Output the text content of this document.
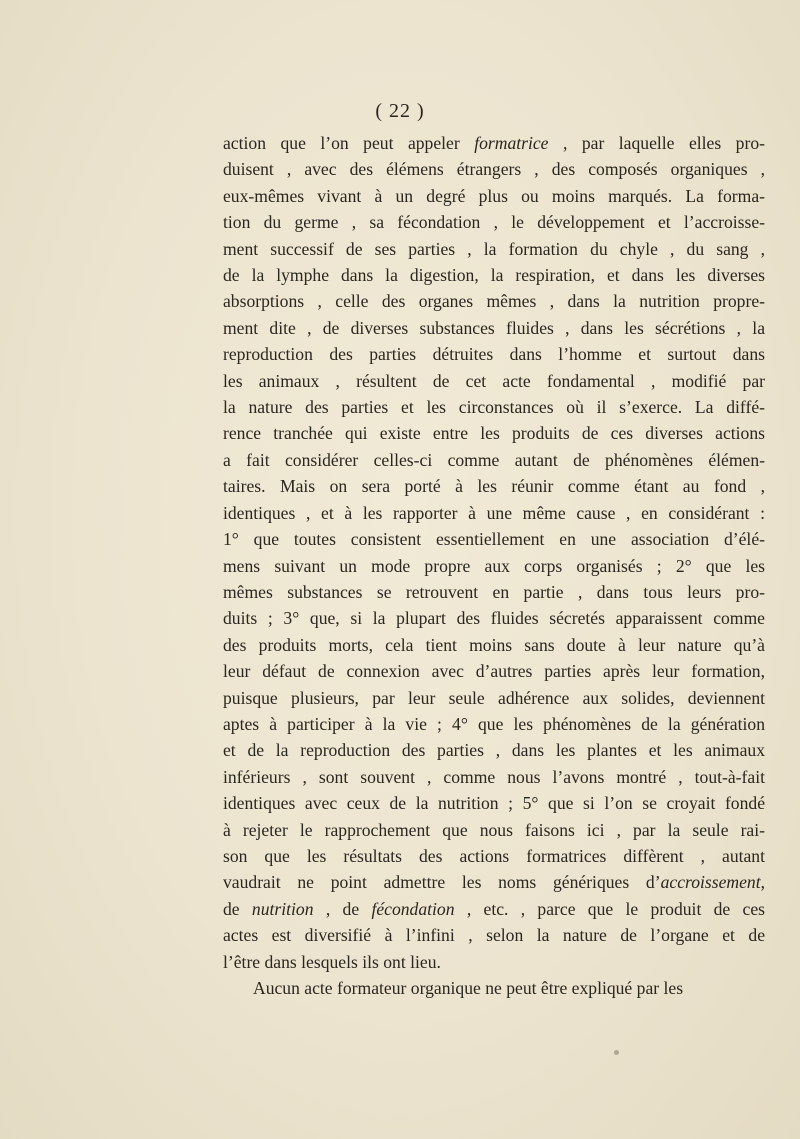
( 22 )
action que l’on peut appeler formatrice , par laquelle elles pro-
duisent , avec des élémens étrangers , des composés organiques ,
eux-mêmes vivant à un degré plus ou moins marqués. La forma-
tion du germe , sa fécondation , le développement et l’accroisse-
ment successif de ses parties , la formation du chyle , du sang ,
de la lymphe dans la digestion, la respiration, et dans les diverses
absorptions , celle des organes mêmes , dans la nutrition propre-
ment dite , de diverses substances fluides , dans les sécrétions , la
reproduction des parties détruites dans l’homme et surtout dans
les animaux , résultent de cet acte fondamental , modifié par
la nature des parties et les circonstances où il s’exerce. La diffé-
rence tranchée qui existe entre les produits de ces diverses actions
a fait considérer celles-ci comme autant de phénomènes élémen-
taires. Mais on sera porté à les réunir comme étant au fond ,
identiques , et à les rapporter à une même cause , en considérant :
1° que toutes consistent essentiellement en une association d’élé-
mens suivant un mode propre aux corps organisés ; 2° que les
mêmes substances se retrouvent en partie , dans tous leurs pro-
duits ; 3° que, si la plupart des fluides sécretés apparaissent comme
des produits morts, cela tient moins sans doute à leur nature qu’à
leur défaut de connexion avec d’autres parties après leur formation,
puisque plusieurs, par leur seule adhérence aux solides, deviennent
aptes à participer à la vie ; 4° que les phénomènes de la génération
et de la reproduction des parties , dans les plantes et les animaux
inférieurs , sont souvent , comme nous l’avons montré , tout-à-fait
identiques avec ceux de la nutrition ; 5° que si l’on se croyait fondé
à rejeter le rapprochement que nous faisons ici , par la seule rai-
son que les résultats des actions formatrices diffèrent , autant
vaudrait ne point admettre les noms génériques d’accroissement,
de nutrition , de fécondation , etc. , parce que le produit de ces
actes est diversifié à l’infini , selon la nature de l’organe et de
l’être dans lesquels ils ont lieu.
Aucun acte formateur organique ne peut être expliqué par les
